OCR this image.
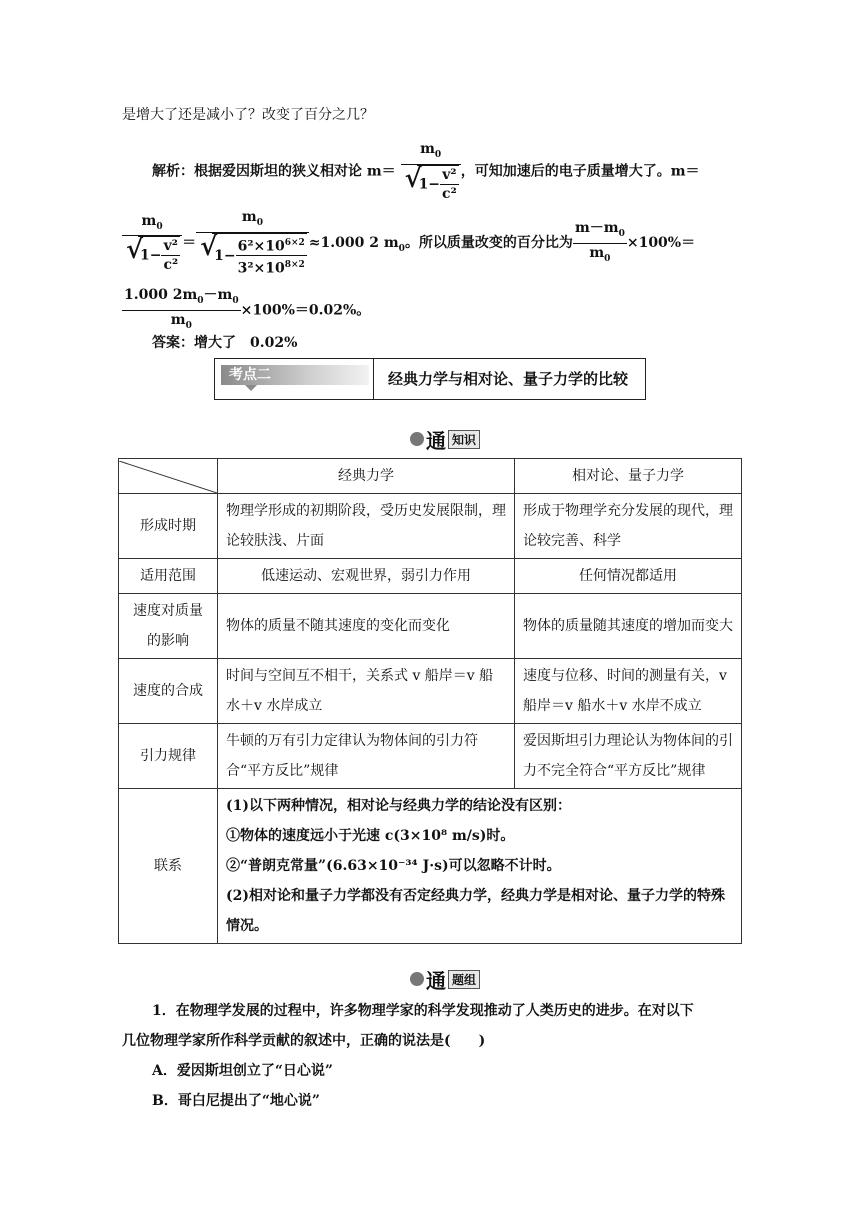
是增大了还是减小了？改变了百分之几？
解析：根据爱因斯坦的狭义相对论 $m= m_0$
√ $1- \frac{\text{v²}}{\text{c²}}$ ，可知加速后的电子质量增大了。m＝
$m_0$
√ $1- \frac{\text{v²}}{\text{c²}} = m_0$
√ $1- \frac{6^2\times 10^{6\times 2}}{3^2\times 10^{8\times 2}} \approx 1.000$ 2 $m_0$。所以质量改变的百分比为 $\frac{m-m_0}{m_0} \times 100\%=$
$\frac{1.000 2m_0-m_0}{m_0} \times 100\%=0.02\%$。
答案：增大了　0.02%
考点二	经典力学与相对论、量子力学的比较
通 知识
	经典力学	相对论、量子力学
形成时期	物理学形成的初期阶段，受历史发展限制，理论较肤浅、片面	形成于物理学充分发展的现代，理论较完善、科学
适用范围	低速运动、宏观世界，弱引力作用	任何情况都适用
速度对质量的影响	物体的质量不随其速度的变化而变化	物体的质量随其速度的增加而变大
速度的合成	时间与空间互不相干，关系式 v 船岸＝v 船水＋v 水岸成立	速度与位移、时间的测量有关，v 船岸＝v 船水＋v 水岸不成立
引力规律	牛顿的万有引力定律认为物体间的引力符合“平方反比”规律	爱因斯坦引力理论认为物体间的引力不完全符合“平方反比”规律
联系	(1)以下两种情况，相对论与经典力学的结论没有区别：
①物体的速度远小于光速 c(3×10⁸ m/s)时。
②“普朗克常量”(6.63×10⁻³⁴ J·s)可以忽略不计时。
(2)相对论和量子力学都没有否定经典力学，经典力学是相对论、量子力学的特殊情况。	
通 题组
1．在物理学发展的过程中，许多物理学家的科学发现推动了人类历史的进步。在对以下
几位物理学家所作科学贡献的叙述中，正确的说法是(　　)
A．爱因斯坦创立了“日心说”
B．哥白尼提出了“地心说”
